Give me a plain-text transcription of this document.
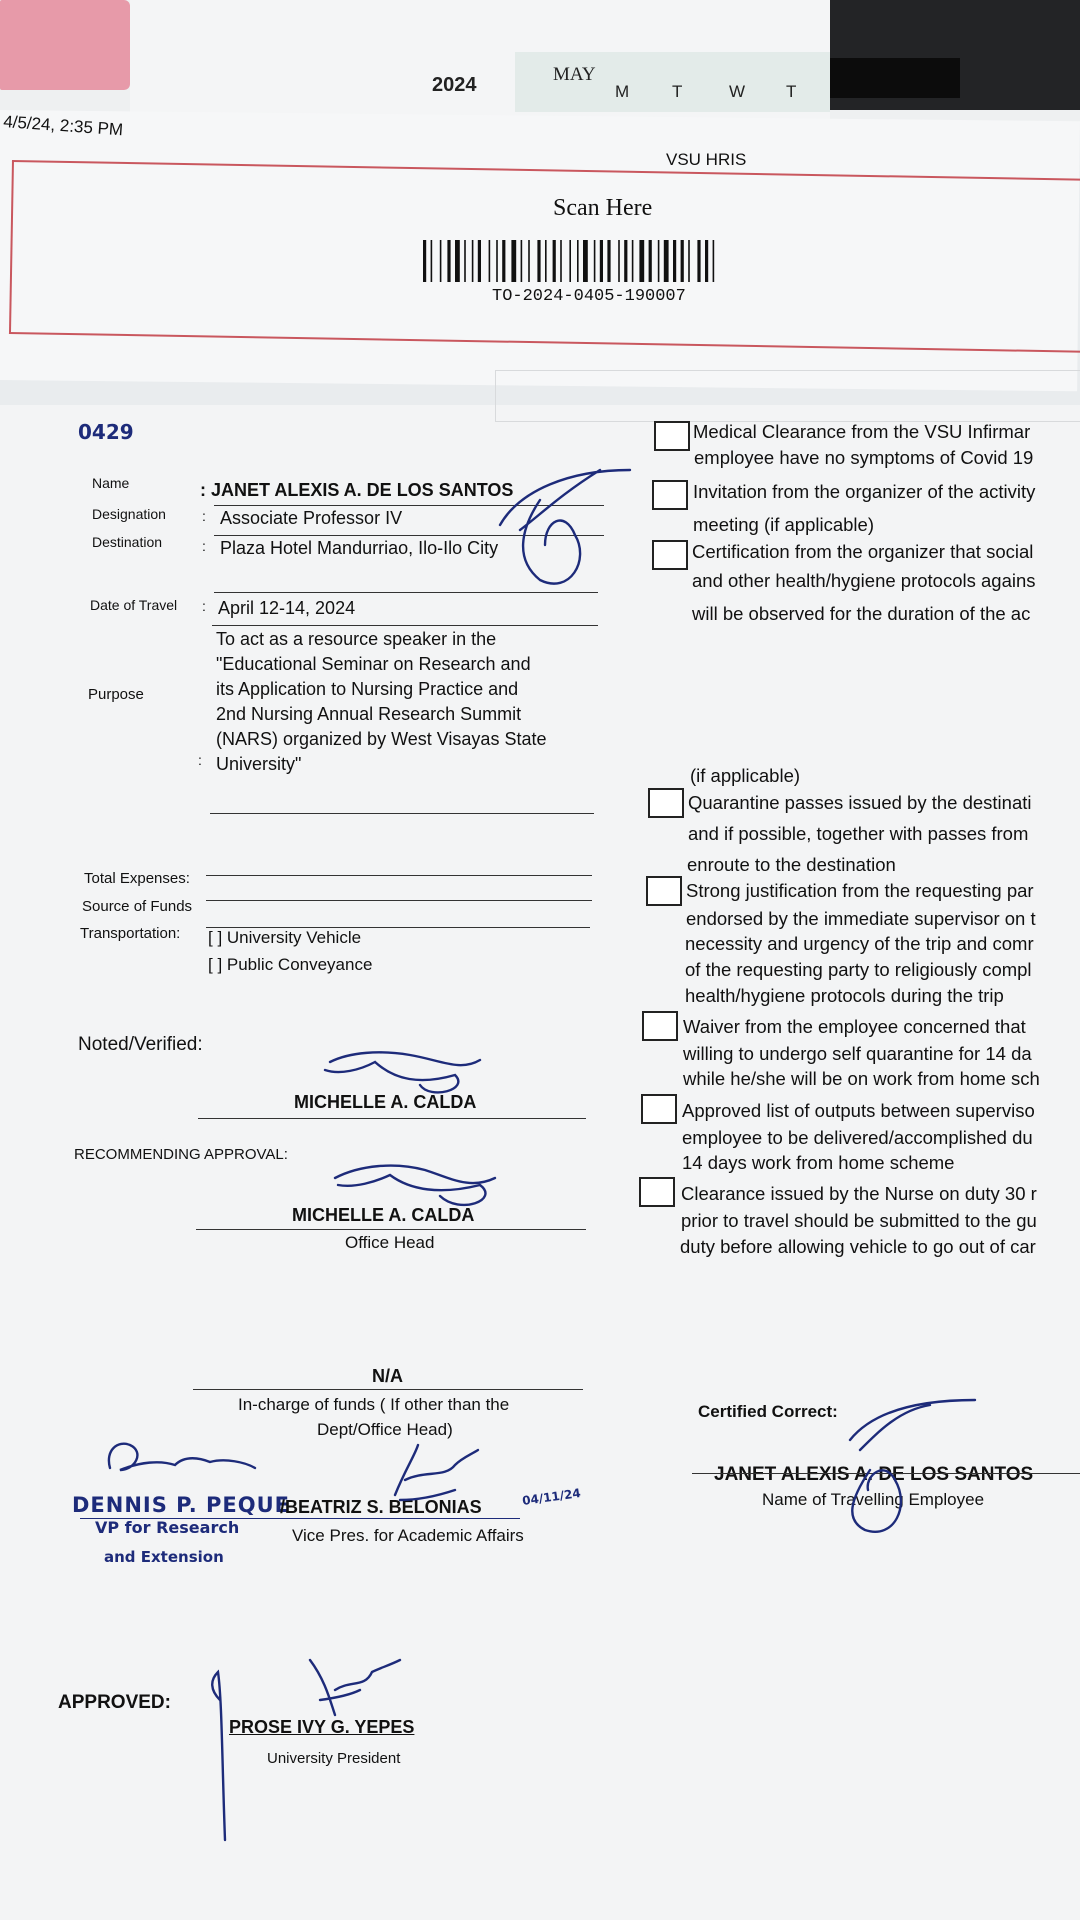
2024	MAY
M	T	W T
4/5/24, 2:35 PM
VSU HRIS
Scan Here
TO-2024-0405-190007
0429
Name	: JANET ALEXIS A. DE LOS SANTOS
Designation	: Associate Professor IV
Destination	: Plaza Hotel Mandurriao, Ilo-Ilo City
Date of Travel : April 12-14, 2024
Purpose
To act as a resource speaker in the
"Educational Seminar on Research and
its Application to Nursing Practice and
2nd Nursing Annual Research Summit
(NARS) organized by West Visayas State
University"
:
Total Expenses:
Source of Funds
Transportation: [ ] University Vehicle
[ ] Public Conveyance
Medical Clearance from the VSU Infirmar
employee have no symptoms of Covid 19
Invitation from the organizer of the activity
meeting (if applicable)
Certification from the organizer that social
and other health/hygiene protocols agains
will be observed for the duration of the ac
(if applicable)
Quarantine passes issued by the destinati
and if possible, together with passes from
enroute to the destination
Strong justification from the requesting par
endorsed by the immediate supervisor on t
necessity and urgency of the trip and comr
of the requesting party to religiously compl
health/hygiene protocols during the trip
Waiver from the employee concerned that
willing to undergo self quarantine for 14 da
while he/she will be on work from home sch
Approved list of outputs between superviso
employee to be delivered/accomplished du
14 days work from home scheme
Clearance issued by the Nurse on duty 30 r
prior to travel should be submitted to the gu
duty before allowing vehicle to go out of car
Noted/Verified:
MICHELLE A. CALDA
RECOMMENDING APPROVAL:
MICHELLE A. CALDA
Office Head
N/A
In-charge of funds ( If other than the
Dept/Office Head)
Certified Correct:
JANET ALEXIS A. DE LOS SANTOS
Name of Travelling Employee
DENNIS P. PEQUE
/BEATRIZ S. BELONIAS
Vice Pres. for Academic Affairs
04/11/24
VP for Research
and Extension
APPROVED:
PROSE IVY G. YEPES
University President
